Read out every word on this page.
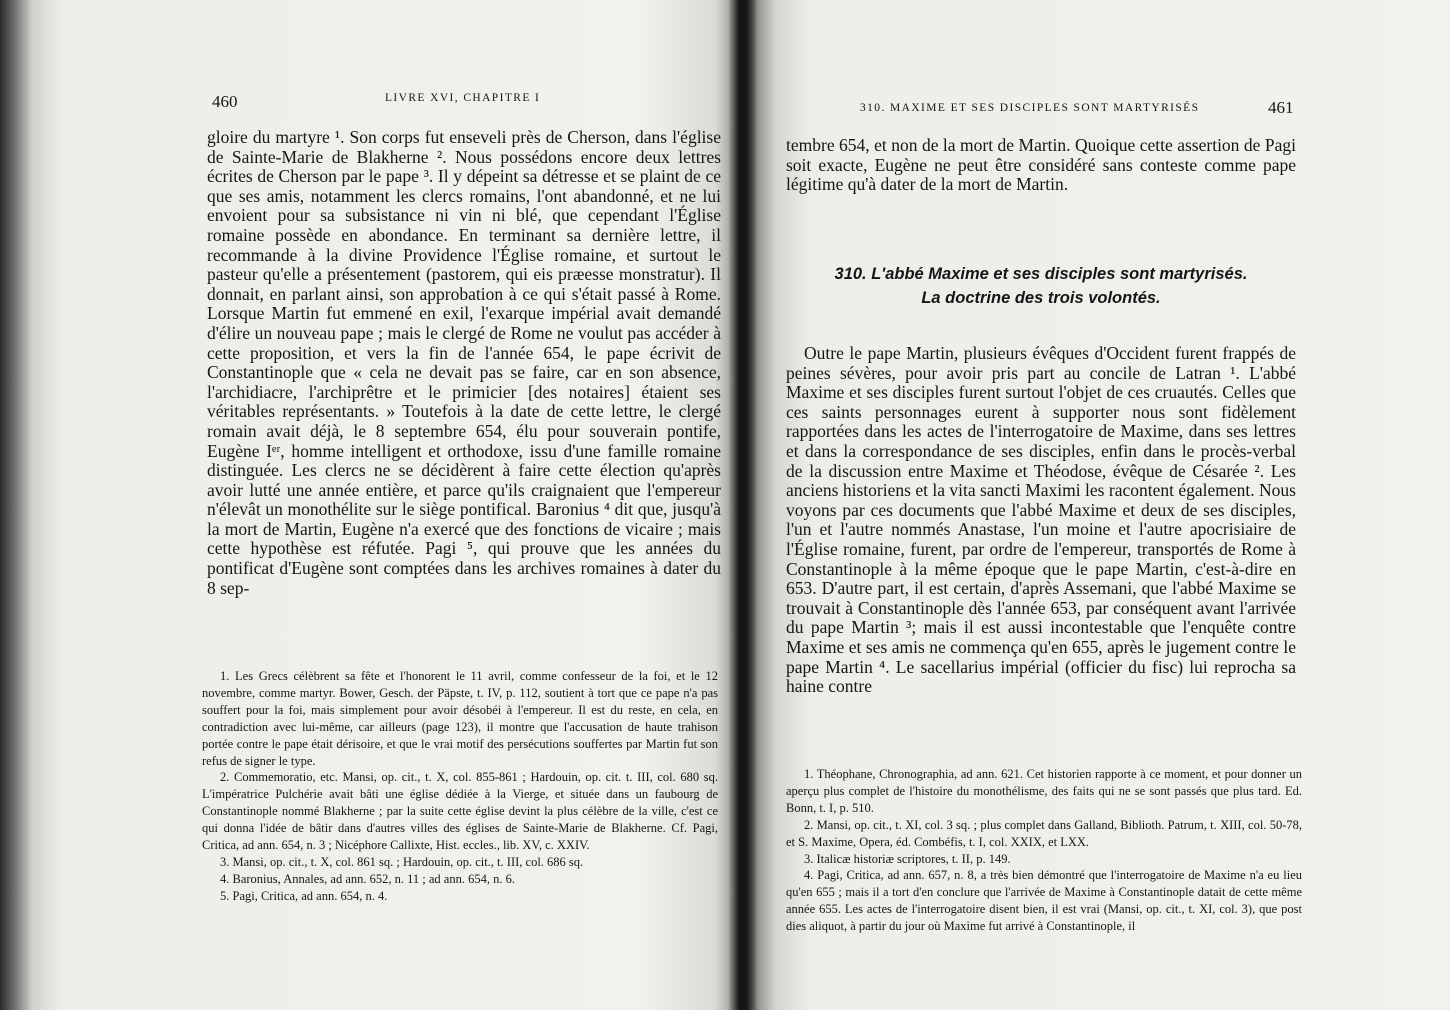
460	LIVRE XVI, CHAPITRE I

gloire du martyre ¹. Son corps fut enseveli près de Cherson, dans l'église de Sainte-Marie de Blakherne ². Nous possédons encore deux lettres écrites de Cherson par le pape ³. Il y dépeint sa détresse et se plaint de ce que ses amis, notamment les clercs romains, l'ont abandonné, et ne lui envoient pour sa subsistance ni vin ni blé, que cependant l'Église romaine possède en abondance. En terminant sa dernière lettre, il recommande à la divine Providence l'Église romaine, et surtout le pasteur qu'elle a présentement (pastorem, qui eis præesse monstratur). Il donnait, en parlant ainsi, son approbation à ce qui s'était passé à Rome. Lorsque Martin fut emmené en exil, l'exarque impérial avait demandé d'élire un nouveau pape ; mais le clergé de Rome ne voulut pas accéder à cette proposition, et vers la fin de l'année 654, le pape écrivit de Constantinople que « cela ne devait pas se faire, car en son absence, l'archidiacre, l'archiprêtre et le primicier [des notaires] étaient ses véritables représentants. » Toutefois à la date de cette lettre, le clergé romain avait déjà, le 8 septembre 654, élu pour souverain pontife, Eugène Iᵉʳ, homme intelligent et orthodoxe, issu d'une famille romaine distinguée. Les clercs ne se décidèrent à faire cette élection qu'après avoir lutté une année entière, et parce qu'ils craignaient que l'empereur n'élevât un monothélite sur le siège pontifical. Baronius ⁴ dit que, jusqu'à la mort de Martin, Eugène n'a exercé que des fonctions de vicaire ; mais cette hypothèse est réfutée. Pagi ⁵, qui prouve que les années du pontificat d'Eugène sont comptées dans les archives romaines à dater du 8 sep-

1. Les Grecs célèbrent sa fête et l'honorent le 11 avril, comme confesseur de la foi, et le 12 novembre, comme martyr. Bower, Gesch. der Päpste, t. IV, p. 112, soutient à tort que ce pape n'a pas souffert pour la foi, mais simplement pour avoir désobéi à l'empereur. Il est du reste, en cela, en contradiction avec lui-même, car ailleurs (page 123), il montre que l'accusation de haute trahison portée contre le pape était dérisoire, et que le vrai motif des persécutions souffertes par Martin fut son refus de signer le type.

2. Commemoratio, etc. Mansi, op. cit., t. X, col. 855-861 ; Hardouin, op. cit. t. III, col. 680 sq. L'impératrice Pulchérie avait bâti une église dédiée à la Vierge, et située dans un faubourg de Constantinople nommé Blakherne ; par la suite cette église devint la plus célèbre de la ville, c'est ce qui donna l'idée de bâtir dans d'autres villes des églises de Sainte-Marie de Blakherne. Cf. Pagi, Critica, ad ann. 654, n. 3 ; Nicéphore Callixte, Hist. eccles., lib. XV, c. XXIV.

3. Mansi, op. cit., t. X, col. 861 sq. ; Hardouin, op. cit., t. III, col. 686 sq.

4. Baronius, Annales, ad ann. 652, n. 11 ; ad ann. 654, n. 6.

5. Pagi, Critica, ad ann. 654, n. 4.

310. MAXIME ET SES DISCIPLES SONT MARTYRISÉS	461

tembre 654, et non de la mort de Martin. Quoique cette assertion de Pagi soit exacte, Eugène ne peut être considéré sans conteste comme pape légitime qu'à dater de la mort de Martin.

310. L'abbé Maxime et ses disciples sont martyrisés.
La doctrine des trois volontés.

Outre le pape Martin, plusieurs évêques d'Occident furent frappés de peines sévères, pour avoir pris part au concile de Latran ¹. L'abbé Maxime et ses disciples furent surtout l'objet de ces cruautés. Celles que ces saints personnages eurent à supporter nous sont fidèlement rapportées dans les actes de l'interrogatoire de Maxime, dans ses lettres et dans la correspondance de ses disciples, enfin dans le procès-verbal de la discussion entre Maxime et Théodose, évêque de Césarée ². Les anciens historiens et la vita sancti Maximi les racontent également. Nous voyons par ces documents que l'abbé Maxime et deux de ses disciples, l'un et l'autre nommés Anastase, l'un moine et l'autre apocrisiaire de l'Église romaine, furent, par ordre de l'empereur, transportés de Rome à Constantinople à la même époque que le pape Martin, c'est-à-dire en 653. D'autre part, il est certain, d'après Assemani, que l'abbé Maxime se trouvait à Constantinople dès l'année 653, par conséquent avant l'arrivée du pape Martin ³; mais il est aussi incontestable que l'enquête contre Maxime et ses amis ne commença qu'en 655, après le jugement contre le pape Martin ⁴. Le sacellarius impérial (officier du fisc) lui reprocha sa haine contre

1. Théophane, Chronographia, ad ann. 621. Cet historien rapporte à ce moment, et pour donner un aperçu plus complet de l'histoire du monothélisme, des faits qui ne se sont passés que plus tard. Ed. Bonn, t. I, p. 510.

2. Mansi, op. cit., t. XI, col. 3 sq. ; plus complet dans Galland, Biblioth. Patrum, t. XIII, col. 50-78, et S. Maxime, Opera, éd. Combéfis, t. I, col. XXIX, et LXX.

3. Italicæ historiæ scriptores, t. II, p. 149.

4. Pagi, Critica, ad ann. 657, n. 8, a très bien démontré que l'interrogatoire de Maxime n'a eu lieu qu'en 655 ; mais il a tort d'en conclure que l'arrivée de Maxime à Constantinople datait de cette même année 655. Les actes de l'interrogatoire disent bien, il est vrai (Mansi, op. cit., t. XI, col. 3), que post dies aliquot, à partir du jour où Maxime fut arrivé à Constantinople, il
